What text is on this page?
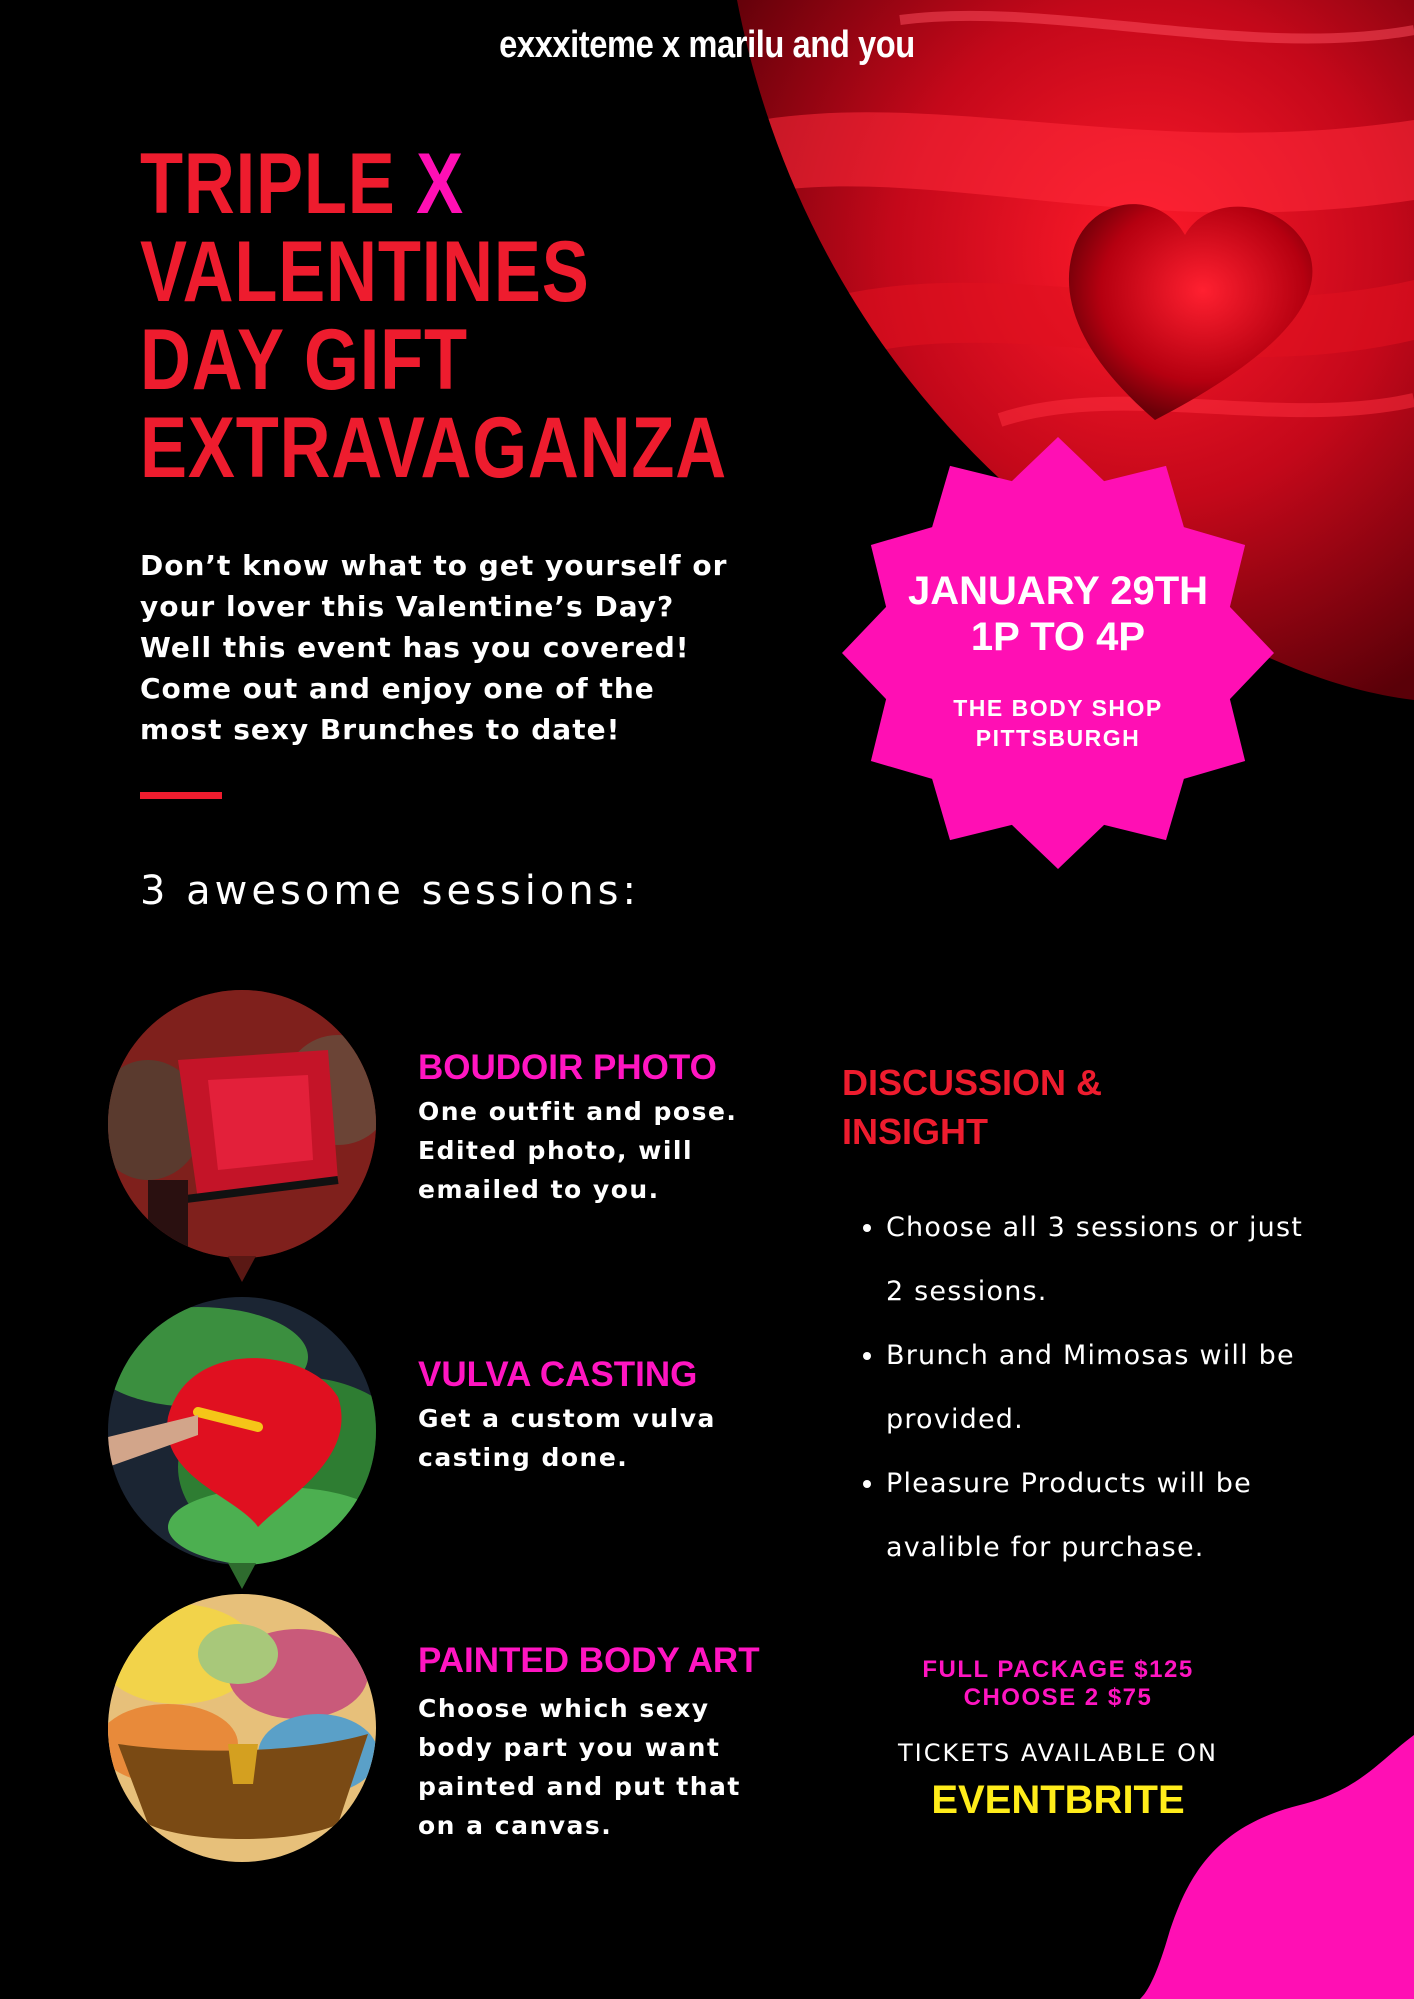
exxxiteme x marilu and you
TRIPLE X
VALENTINES
DAY GIFT
EXTRAVAGANZA
Don’t know what to get yourself or your lover this Valentine’s Day? Well this event has you covered! Come out and enjoy one of the most sexy Brunches to date!
3 awesome sessions:
JANUARY 29TH
1P TO 4P
THE BODY SHOP
PITTSBURGH
BOUDOIR PHOTO
One outfit and pose. Edited photo, will emailed to you.
VULVA CASTING
Get a custom vulva casting done.
PAINTED BODY ART
Choose which sexy body part you want painted and put that on a canvas.
DISCUSSION & INSIGHT
• Choose all 3 sessions or just 2 sessions.
• Brunch and Mimosas will be provided.
• Pleasure Products will be avalible for purchase.
FULL PACKAGE $125
CHOOSE 2 $75
TICKETS AVAILABLE ON
EVENTBRITE
